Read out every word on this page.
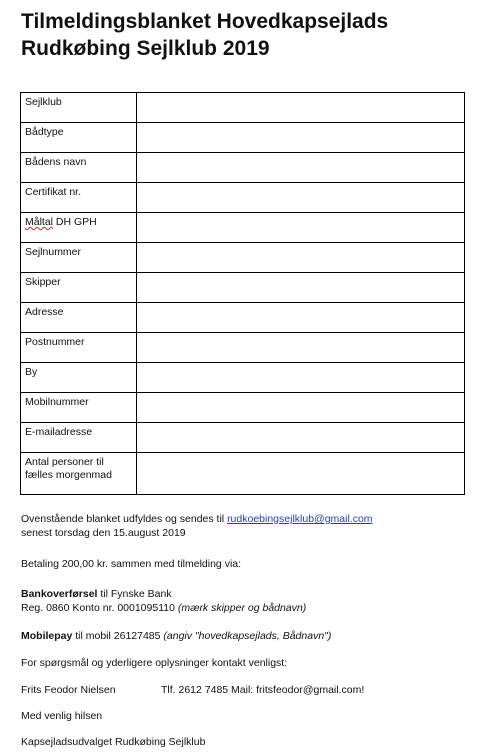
Tilmeldingsblanket Hovedkapsejlads
Rudkøbing Sejlklub 2019
Sejlklub	
Bådtype	
Bådens navn	
Certifikat nr.	
Måltal DH GPH	
Sejlnummer	
Skipper	
Adresse	
Postnummer	
By	
Mobilnummer	
E-mailadresse	
Antal personer til
fælles morgenmad	

Ovenstående blanket udfyldes og sendes til rudkoebingsejlklub@gmail.com

senest torsdag den 15.august 2019

Betaling 200,00 kr. sammen med tilmelding via:

Bankoverførsel til Fynske Bank

Reg. 0860 Konto nr. 0001095110 (mærk skipper og bådnavn)

Mobilepay til mobil 26127485 (angiv "hovedkapsejlads, Bådnavn")

For spørgsmål og yderligere oplysninger kontakt venligst:

Frits Feodor Nielsen	Tlf. 2612 7485 Mail: fritsfeodor@gmail.com!

Med venlig hilsen

Kapsejladsudvalget Rudkøbing Sejlklub
